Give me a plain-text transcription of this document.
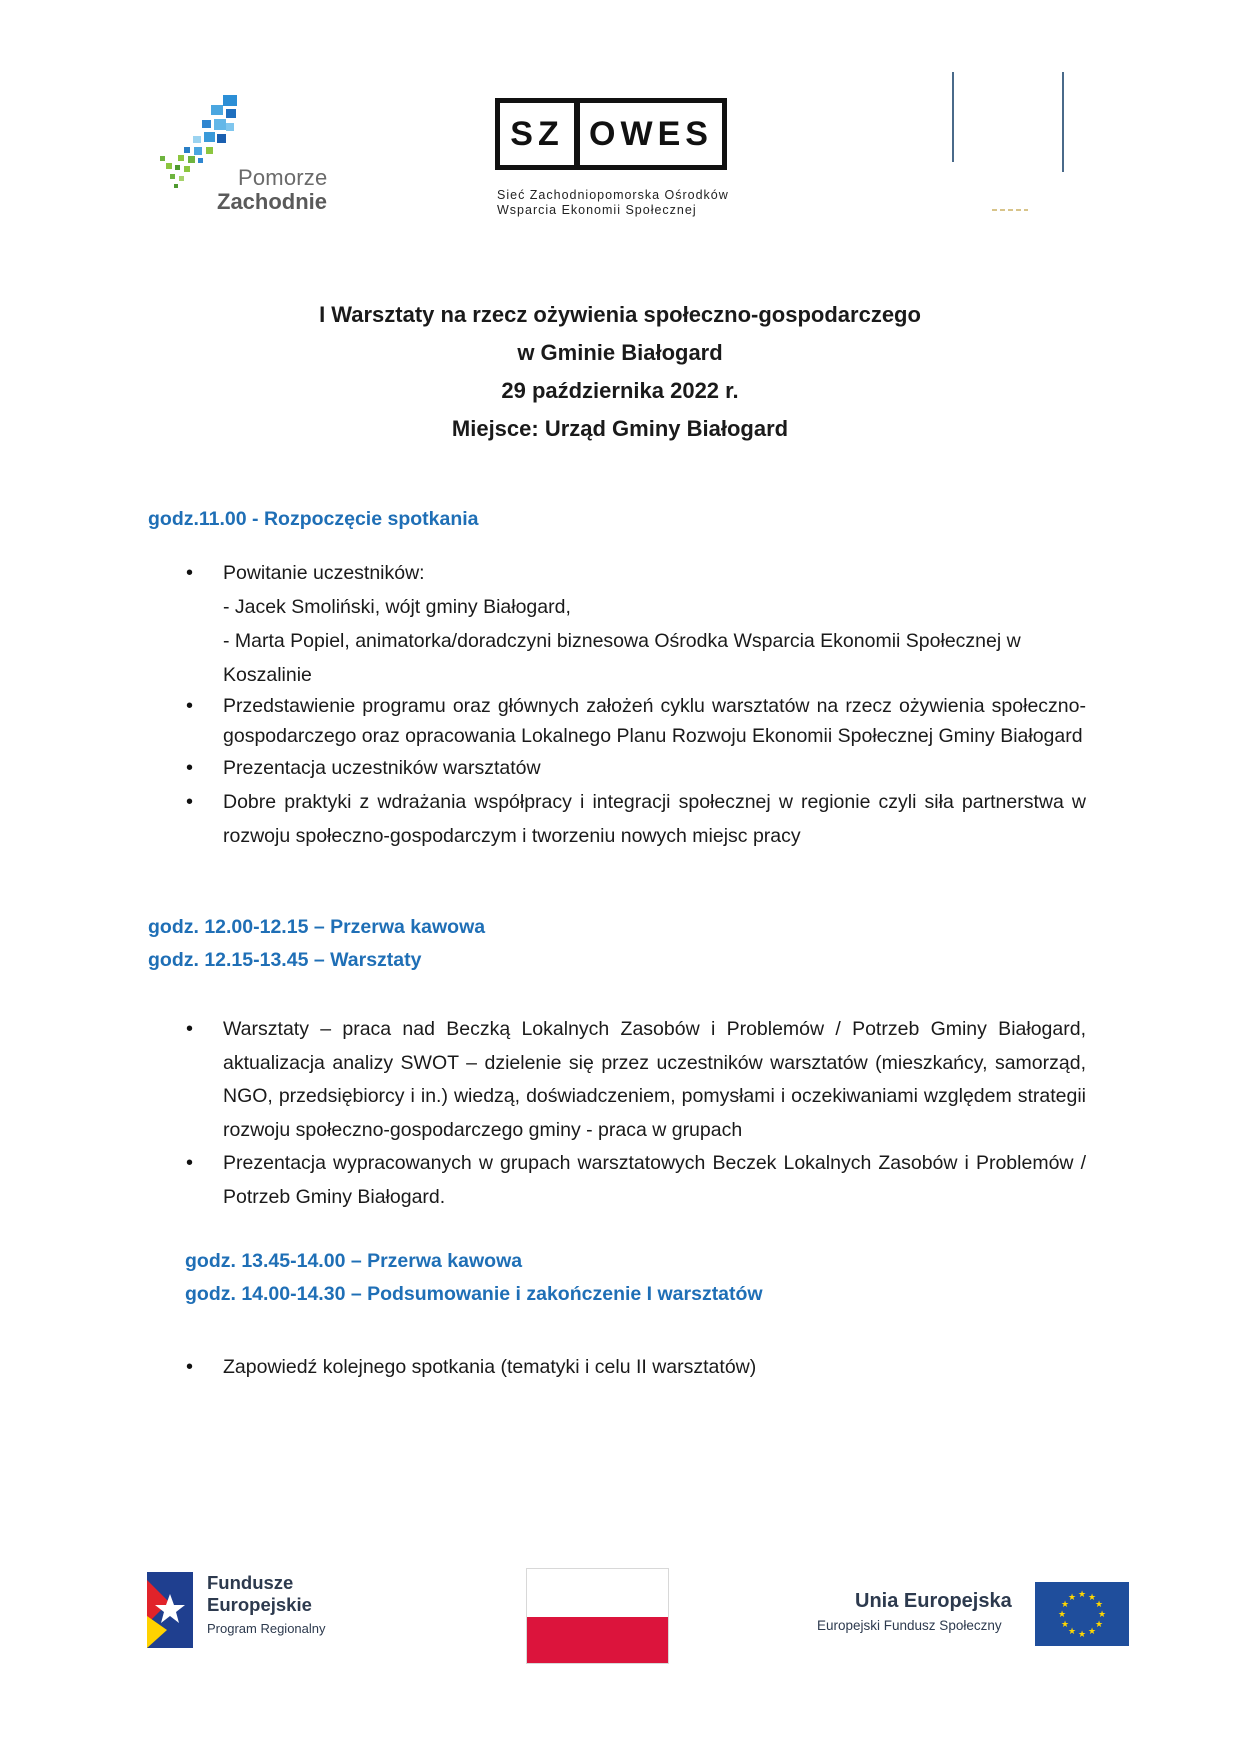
Pomorze
Zachodnie
SZ OWES
Sieć Zachodniopomorska Ośrodków
Wsparcia Ekonomii Społecznej
I Warsztaty na rzecz ożywienia społeczno-gospodarczego
w Gminie Białogard
29 października 2022 r.
Miejsce: Urząd Gminy Białogard
godz.11.00 - Rozpoczęcie spotkania
• Powitanie uczestników:
- Jacek Smoliński, wójt gminy Białogard,
- Marta Popiel, animatorka/doradczyni biznesowa Ośrodka Wsparcia Ekonomii Społecznej w
Koszalinie
• Przedstawienie programu oraz głównych założeń cyklu warsztatów na rzecz ożywienia społeczno-gospodarczego oraz opracowania Lokalnego Planu Rozwoju Ekonomii Społecznej Gminy Białogard
• Prezentacja uczestników warsztatów
• Dobre praktyki z wdrażania współpracy i integracji społecznej w regionie czyli siła partnerstwa w rozwoju społeczno-gospodarczym i tworzeniu nowych miejsc pracy
godz. 12.00-12.15 – Przerwa kawowa
godz. 12.15-13.45 – Warsztaty
• Warsztaty – praca nad Beczką Lokalnych Zasobów i Problemów / Potrzeb Gminy Białogard, aktualizacja analizy SWOT – dzielenie się przez uczestników warsztatów (mieszkańcy, samorząd, NGO, przedsiębiorcy i in.) wiedzą, doświadczeniem, pomysłami i oczekiwaniami względem strategii rozwoju społeczno-gospodarczego gminy - praca w grupach
• Prezentacja wypracowanych w grupach warsztatowych Beczek Lokalnych Zasobów i Problemów / Potrzeb Gminy Białogard.
godz. 13.45-14.00 – Przerwa kawowa
godz. 14.00-14.30 – Podsumowanie i zakończenie I warsztatów
• Zapowiedź kolejnego spotkania (tematyki i celu II warsztatów)
Fundusze
Europejskie
Program Regionalny
Unia Europejska
Europejski Fundusz Społeczny
★ ★
★
★
★
★
★
★
★
★
★
★
